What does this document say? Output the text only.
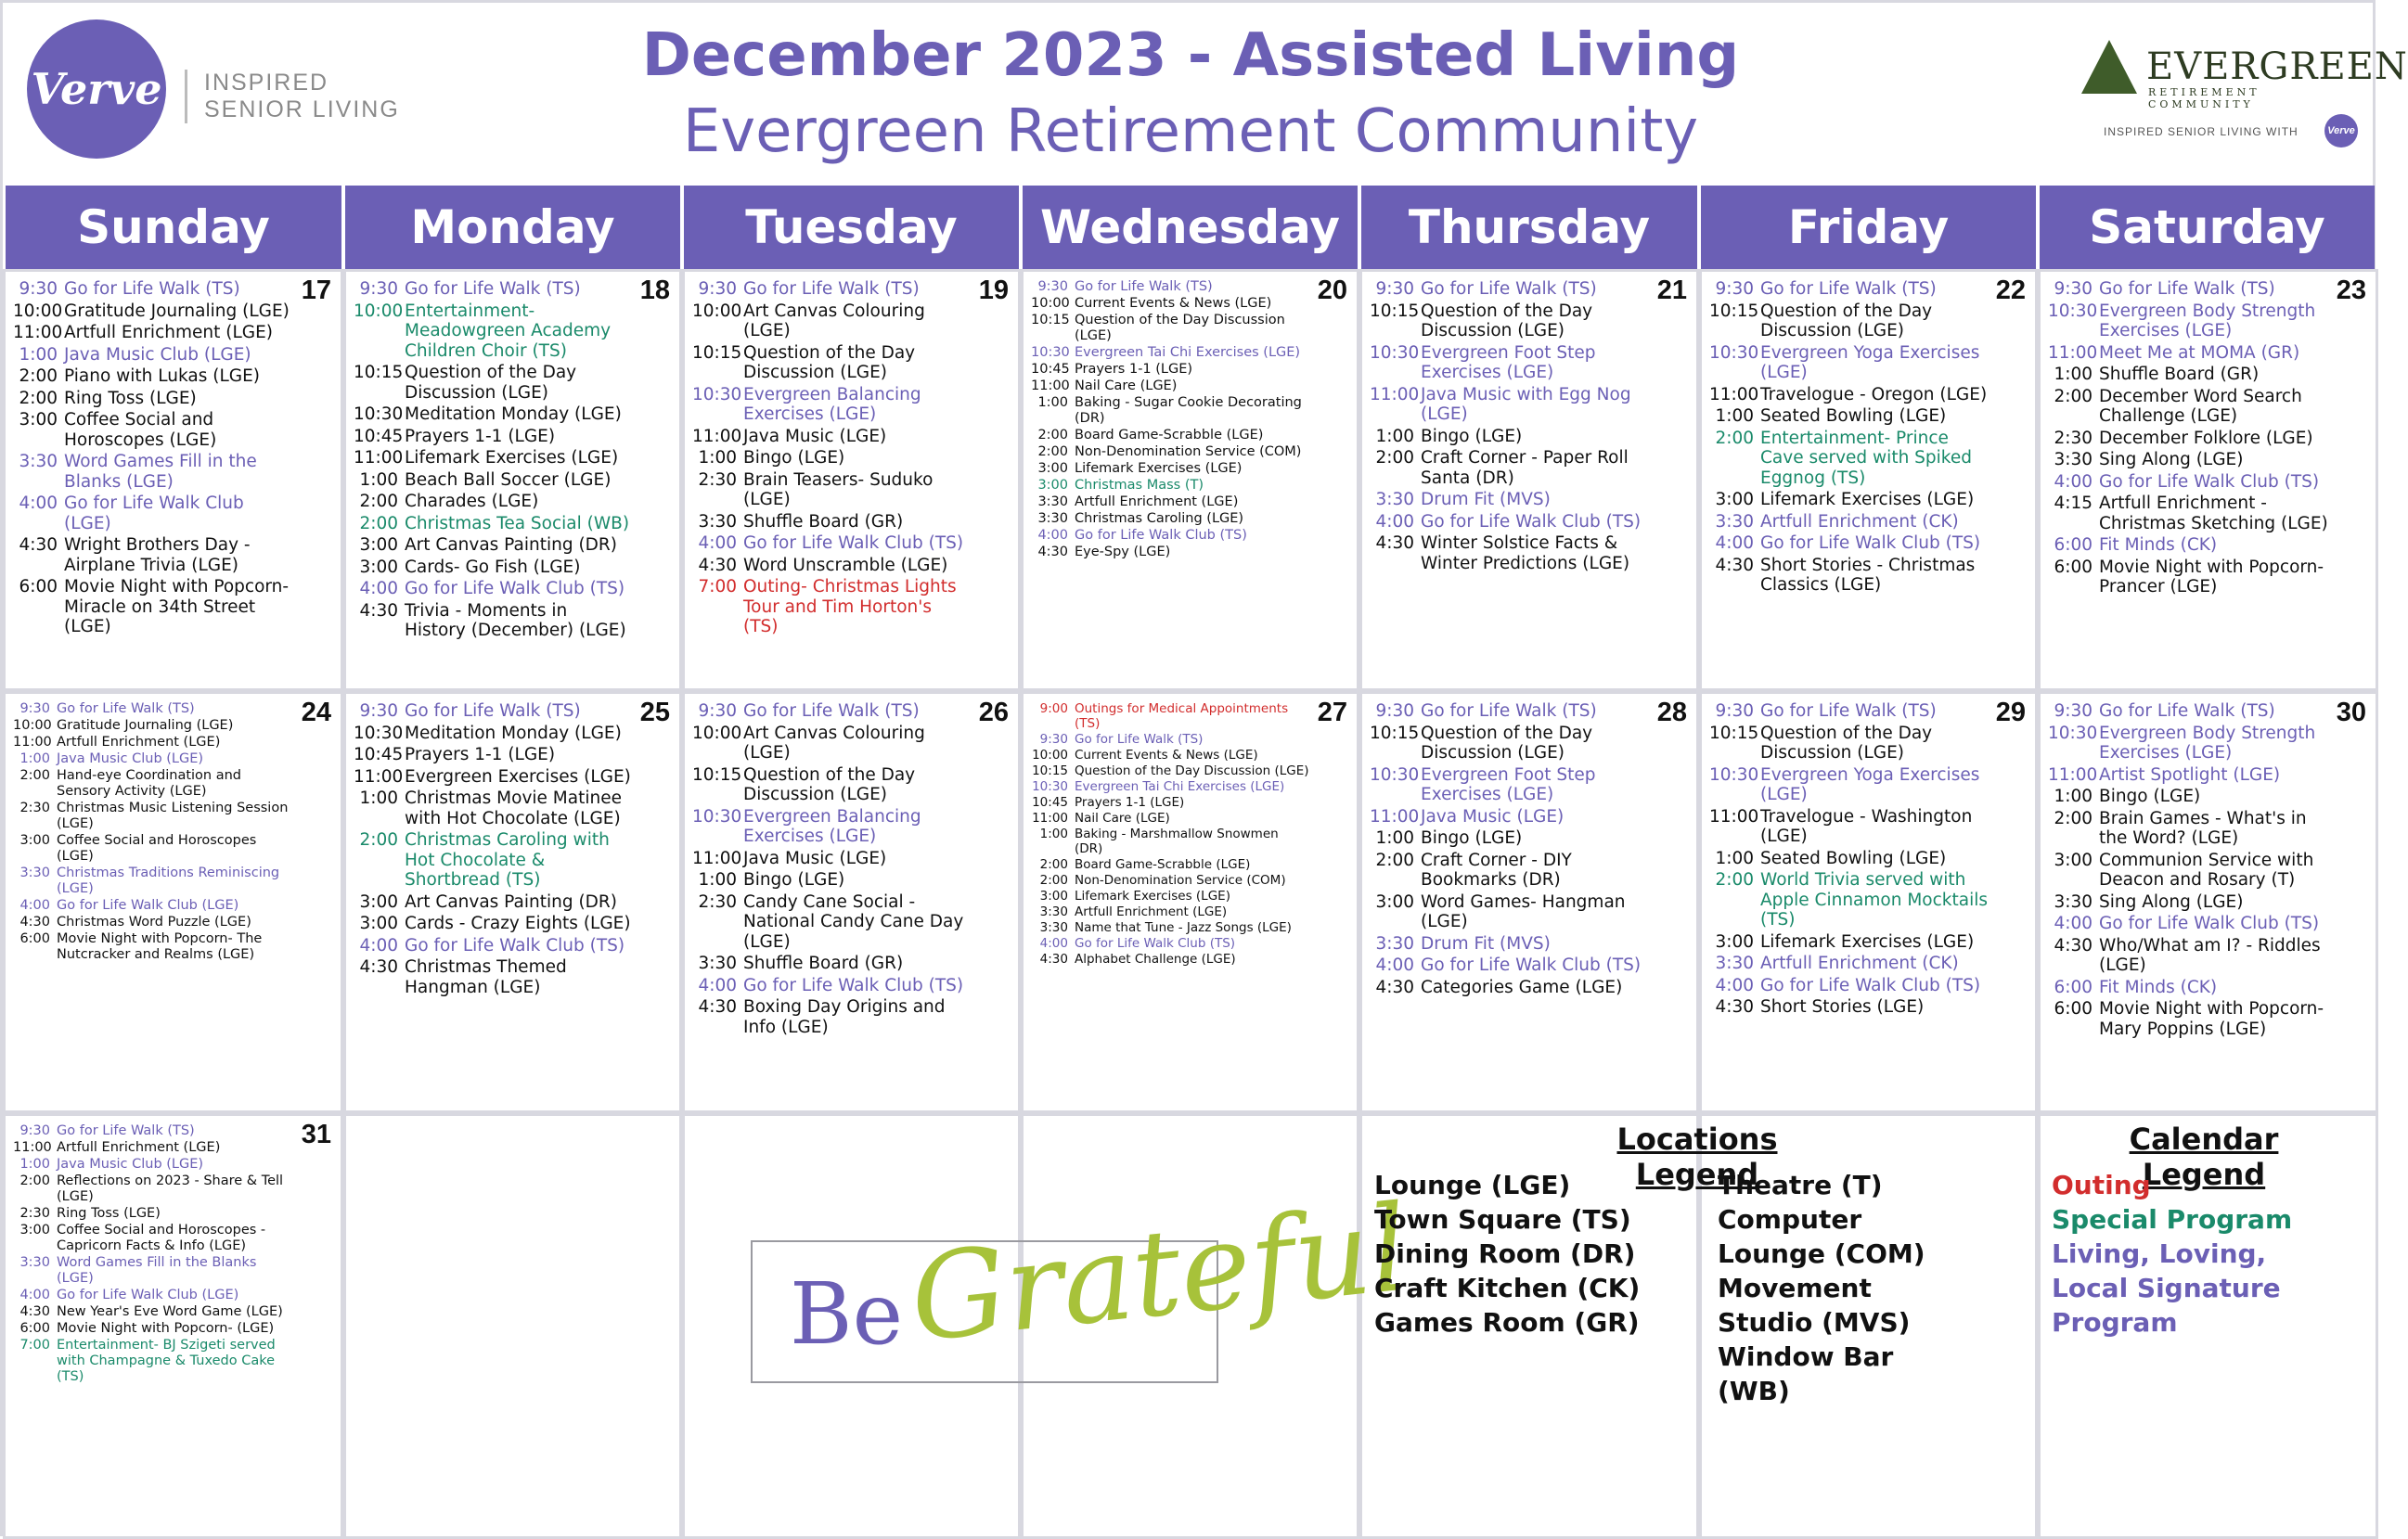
Verve INSPIRED
SENIOR LIVING
December 2023 - Assisted Living
Evergreen Retirement Community
EVERGREEN
RETIREMENT COMMUNITY
INSPIRED SENIOR LIVING WITH	Verve
Sunday	Monday	Tuesday	Wednesday	Thursday	Friday	Saturday
17
9:30 Go for Life Walk (TS)
10:00 Gratitude Journaling (LGE)
11:00 Artfull Enrichment (LGE)
1:00 Java Music Club (LGE)
2:00 Piano with Lukas (LGE)
2:00 Ring Toss (LGE)
3:00 Coffee Social and Horoscopes (LGE)
3:30 Word Games Fill in the Blanks (LGE)
4:00 Go for Life Walk Club (LGE)
4:30 Wright Brothers Day - Airplane Trivia (LGE)
6:00 Movie Night with Popcorn- Miracle on 34th Street (LGE)
18
9:30 Go for Life Walk (TS)
10:00 Entertainment- Meadowgreen Academy Children Choir (TS)
10:15 Question of the Day Discussion (LGE)
10:30 Meditation Monday (LGE)
10:45 Prayers 1-1 (LGE)
11:00 Lifemark Exercises (LGE)
1:00 Beach Ball Soccer (LGE)
2:00 Charades (LGE)
2:00 Christmas Tea Social (WB)
3:00 Art Canvas Painting (DR)
3:00 Cards- Go Fish (LGE)
4:00 Go for Life Walk Club (TS)
4:30 Trivia - Moments in History (December) (LGE)
19
9:30 Go for Life Walk (TS)
10:00 Art Canvas Colouring (LGE)
10:15 Question of the Day Discussion (LGE)
10:30 Evergreen Balancing Exercises (LGE)
11:00 Java Music (LGE)
1:00 Bingo (LGE)
2:30 Brain Teasers- Suduko (LGE)
3:30 Shuffle Board (GR)
4:00 Go for Life Walk Club (TS)
4:30 Word Unscramble (LGE)
7:00 Outing- Christmas Lights Tour and Tim Horton's (TS)
20
9:30 Go for Life Walk (TS)
10:00 Current Events & News (LGE)
10:15 Question of the Day Discussion (LGE)
10:30 Evergreen Tai Chi Exercises (LGE)
10:45 Prayers 1-1 (LGE)
11:00 Nail Care (LGE)
1:00 Baking - Sugar Cookie Decorating (DR)
2:00 Board Game-Scrabble (LGE)
2:00 Non-Denomination Service (COM)
3:00 Lifemark Exercises (LGE)
3:00 Christmas Mass (T)
3:30 Artfull Enrichment (LGE)
3:30 Christmas Caroling (LGE)
4:00 Go for Life Walk Club (TS)
4:30 Eye-Spy (LGE)
21
9:30 Go for Life Walk (TS)
10:15 Question of the Day Discussion (LGE)
10:30 Evergreen Foot Step Exercises (LGE)
11:00 Java Music with Egg Nog (LGE)
1:00 Bingo (LGE)
2:00 Craft Corner - Paper Roll Santa (DR)
3:30 Drum Fit (MVS)
4:00 Go for Life Walk Club (TS)
4:30 Winter Solstice Facts & Winter Predictions (LGE)
22
9:30 Go for Life Walk (TS)
10:15 Question of the Day Discussion (LGE)
10:30 Evergreen Yoga Exercises (LGE)
11:00 Travelogue - Oregon (LGE)
1:00 Seated Bowling (LGE)
2:00 Entertainment- Prince Cave served with Spiked Eggnog (TS)
3:00 Lifemark Exercises (LGE)
3:30 Artfull Enrichment (CK)
4:00 Go for Life Walk Club (TS)
4:30 Short Stories - Christmas Classics (LGE)
23
9:30 Go for Life Walk (TS)
10:30 Evergreen Body Strength Exercises (LGE)
11:00 Meet Me at MOMA (GR)
1:00 Shuffle Board (GR)
2:00 December Word Search Challenge (LGE)
2:30 December Folklore (LGE)
3:30 Sing Along (LGE)
4:00 Go for Life Walk Club (TS)
4:15 Artfull Enrichment - Christmas Sketching (LGE)
6:00 Fit Minds (CK)
6:00 Movie Night with Popcorn- Prancer (LGE)
24
9:30 Go for Life Walk (TS)
10:00 Gratitude Journaling (LGE)
11:00 Artfull Enrichment (LGE)
1:00 Java Music Club (LGE)
2:00 Hand-eye Coordination and Sensory Activity (LGE)
2:30 Christmas Music Listening Session (LGE)
3:00 Coffee Social and Horoscopes (LGE)
3:30 Christmas Traditions Reminiscing (LGE)
4:00 Go for Life Walk Club (LGE)
4:30 Christmas Word Puzzle (LGE)
6:00 Movie Night with Popcorn- The Nutcracker and Realms (LGE)
25
9:30 Go for Life Walk (TS)
10:30 Meditation Monday (LGE)
10:45 Prayers 1-1 (LGE)
11:00 Evergreen Exercises (LGE)
1:00 Christmas Movie Matinee with Hot Chocolate (LGE)
2:00 Christmas Caroling with Hot Chocolate & Shortbread (TS)
3:00 Art Canvas Painting (DR)
3:00 Cards - Crazy Eights (LGE)
4:00 Go for Life Walk Club (TS)
4:30 Christmas Themed Hangman (LGE)
26
9:30 Go for Life Walk (TS)
10:00 Art Canvas Colouring (LGE)
10:15 Question of the Day Discussion (LGE)
10:30 Evergreen Balancing Exercises (LGE)
11:00 Java Music (LGE)
1:00 Bingo (LGE)
2:30 Candy Cane Social - National Candy Cane Day (LGE)
3:30 Shuffle Board (GR)
4:00 Go for Life Walk Club (TS)
4:30 Boxing Day Origins and Info (LGE)
27
9:00 Outings for Medical Appointments (TS)
9:30 Go for Life Walk (TS)
10:00 Current Events & News (LGE)
10:15 Question of the Day Discussion (LGE)
10:30 Evergreen Tai Chi Exercises (LGE)
10:45 Prayers 1-1 (LGE)
11:00 Nail Care (LGE)
1:00 Baking - Marshmallow Snowmen (DR)
2:00 Board Game-Scrabble (LGE)
2:00 Non-Denomination Service (COM)
3:00 Lifemark Exercises (LGE)
3:30 Artfull Enrichment (LGE)
3:30 Name that Tune - Jazz Songs (LGE)
4:00 Go for Life Walk Club (TS)
4:30 Alphabet Challenge (LGE)
28
9:30 Go for Life Walk (TS)
10:15 Question of the Day Discussion (LGE)
10:30 Evergreen Foot Step Exercises (LGE)
11:00 Java Music (LGE)
1:00 Bingo (LGE)
2:00 Craft Corner - DIY Bookmarks (DR)
3:00 Word Games- Hangman (LGE)
3:30 Drum Fit (MVS)
4:00 Go for Life Walk Club (TS)
4:30 Categories Game (LGE)
29
9:30 Go for Life Walk (TS)
10:15 Question of the Day Discussion (LGE)
10:30 Evergreen Yoga Exercises (LGE)
11:00 Travelogue - Washington (LGE)
1:00 Seated Bowling (LGE)
2:00 World Trivia served with Apple Cinnamon Mocktails (TS)
3:00 Lifemark Exercises (LGE)
3:30 Artfull Enrichment (CK)
4:00 Go for Life Walk Club (TS)
4:30 Short Stories (LGE)
30
9:30 Go for Life Walk (TS)
10:30 Evergreen Body Strength Exercises (LGE)
11:00 Artist Spotlight (LGE)
1:00 Bingo (LGE)
2:00 Brain Games - What's in the Word? (LGE)
3:00 Communion Service with Deacon and Rosary (T)
3:30 Sing Along (LGE)
4:00 Go for Life Walk Club (TS)
4:30 Who/What am I? - Riddles (LGE)
6:00 Fit Minds (CK)
6:00 Movie Night with Popcorn- Mary Poppins (LGE)
31
9:30 Go for Life Walk (TS)
11:00 Artfull Enrichment (LGE)
1:00 Java Music Club (LGE)
2:00 Reflections on 2023 - Share & Tell (LGE)
2:30 Ring Toss (LGE)
3:00 Coffee Social and Horoscopes - Capricorn Facts & Info (LGE)
3:30 Word Games Fill in the Blanks (LGE)
4:00 Go for Life Walk Club (LGE)
4:30 New Year's Eve Word Game (LGE)
6:00 Movie Night with Popcorn- (LGE)
7:00 Entertainment- BJ Szigeti served with Champagne & Tuxedo Cake (TS)
Be Grateful
Locations Legend
Lounge (LGE)
Town Square (TS)
Dining Room (DR)
Craft Kitchen (CK)
Games Room (GR)
Theatre (T)
Computer Lounge (COM)
Movement Studio (MVS)
Window Bar (WB)
Calendar Legend
Outing
Special Program
Living, Loving, Local Signature Program
